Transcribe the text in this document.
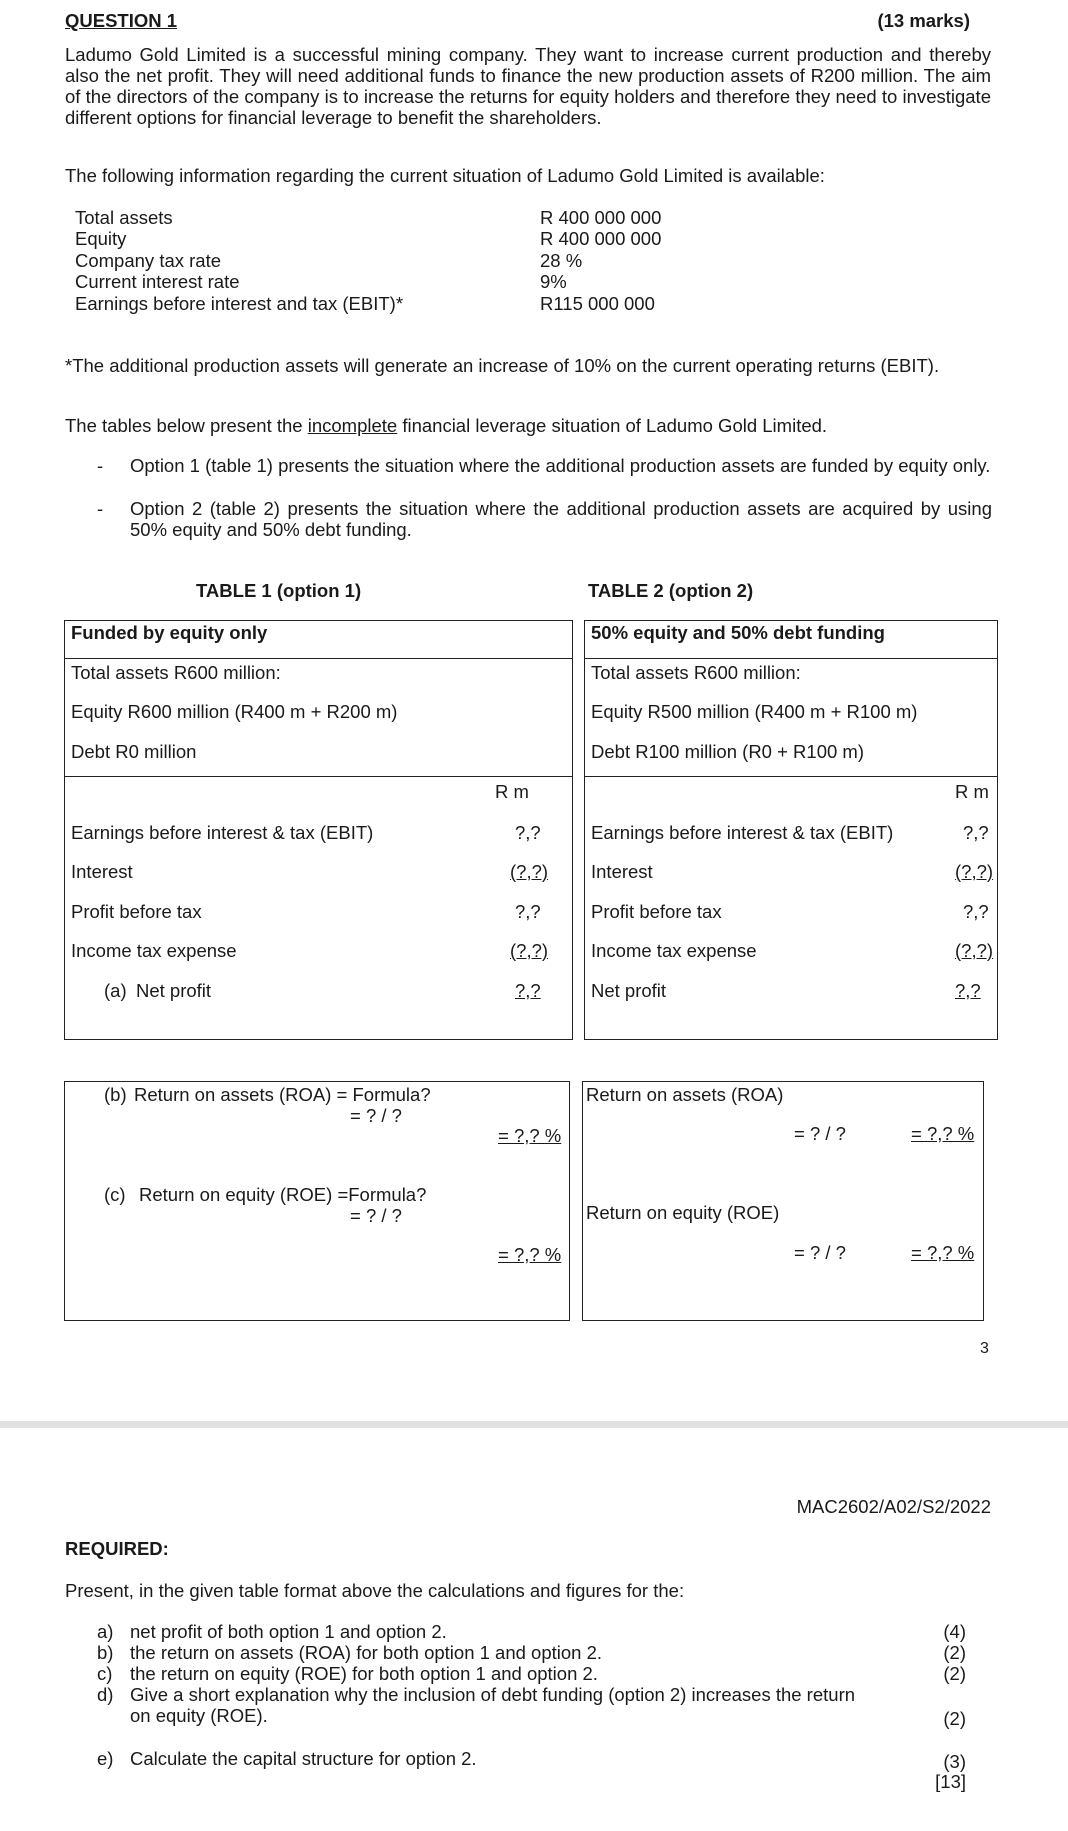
QUESTION 1	(13 marks)
Ladumo Gold Limited is a successful mining company. They want to increase current production and thereby also the net profit. They will need additional funds to finance the new production assets of R200 million. The aim of the directors of the company is to increase the returns for equity holders and therefore they need to investigate different options for financial leverage to benefit the shareholders.
The following information regarding the current situation of Ladumo Gold Limited is available:
Total assets	R 400 000 000
Equity	R 400 000 000
Company tax rate	28 %
Current interest rate	9%
Earnings before interest and tax (EBIT)*	R115 000 000
*The additional production assets will generate an increase of 10% on the current operating returns (EBIT).
The tables below present the incomplete financial leverage situation of Ladumo Gold Limited.
- Option 1 (table 1) presents the situation where the additional production assets are funded by equity only.
- Option 2 (table 2) presents the situation where the additional production assets are acquired by using 50% equity and 50% debt funding.
TABLE 1 (option 1)	TABLE 2 (option 2)
Funded by equity only
Total assets R600 million:
Equity R600 million (R400 m + R200 m)
Debt R0 million
R m
Earnings before interest & tax (EBIT)	?,?
Interest	(?,?)
Profit before tax	?,?
Income tax expense	(?,?)
(a) Net profit	?,?
50% equity and 50% debt funding
Total assets R600 million:
Equity R500 million (R400 m + R100 m)
Debt R100 million (R0 + R100 m)
R m
Earnings before interest & tax (EBIT)	?,?
Interest	(?,?)
Profit before tax	?,?
Income tax expense	(?,?)
Net profit	?,?
(b) Return on assets (ROA) = Formula?
= ? / ?
= ?,? %
(c) Return on equity (ROE) =Formula?
= ? / ?
= ?,? %
Return on assets (ROA)
= ? / ?	= ?,? %
Return on equity (ROE)
= ? / ?	= ?,? %
3
MAC2602/A02/S2/2022
REQUIRED:
Present, in the given table format above the calculations and figures for the:
a) net profit of both option 1 and option 2.	(4)
b) the return on assets (ROA) for both option 1 and option 2.	(2)
c) the return on equity (ROE) for both option 1 and option 2.	(2)
d) Give a short explanation why the inclusion of debt funding (option 2) increases the return
on equity (ROE).	(2)
e) Calculate the capital structure for option 2.	(3)
[13]
